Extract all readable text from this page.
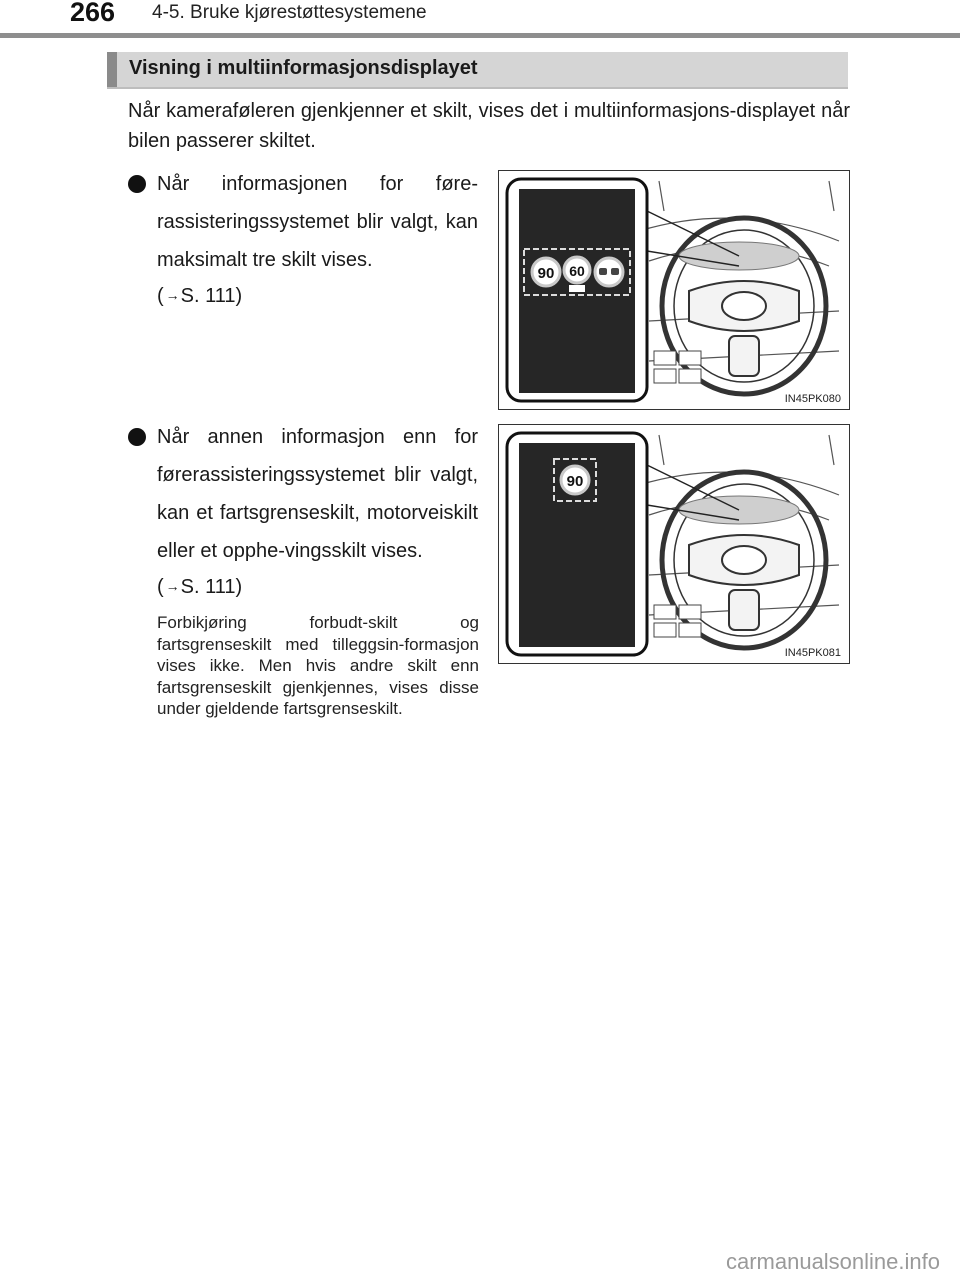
266 4-5. Bruke kjørestøttesystemene
Visning i multiinformasjonsdisplayet
Når kameraføleren gjenkjenner et skilt, vises det i multiinformasjons-displayet når bilen passerer skiltet.
Når informasjonen for føre-rassisteringssystemet blir valgt, kan maksimalt tre skilt vises.
( →S. 111)
Når annen informasjon enn for førerassisteringssystemet blir valgt, kan et fartsgrenseskilt, motorveiskilt eller et opphe-vingsskilt vises.
( →S. 111)
Forbikjøring forbudt-skilt og fartsgrenseskilt med tilleggsin-formasjon vises ikke. Men hvis andre skilt enn fartsgrenseskilt gjenkjennes, vises disse under gjeldende fartsgrenseskilt.
90 60
IN45PK080
90
IN45PK081
carmanualsonline.info
